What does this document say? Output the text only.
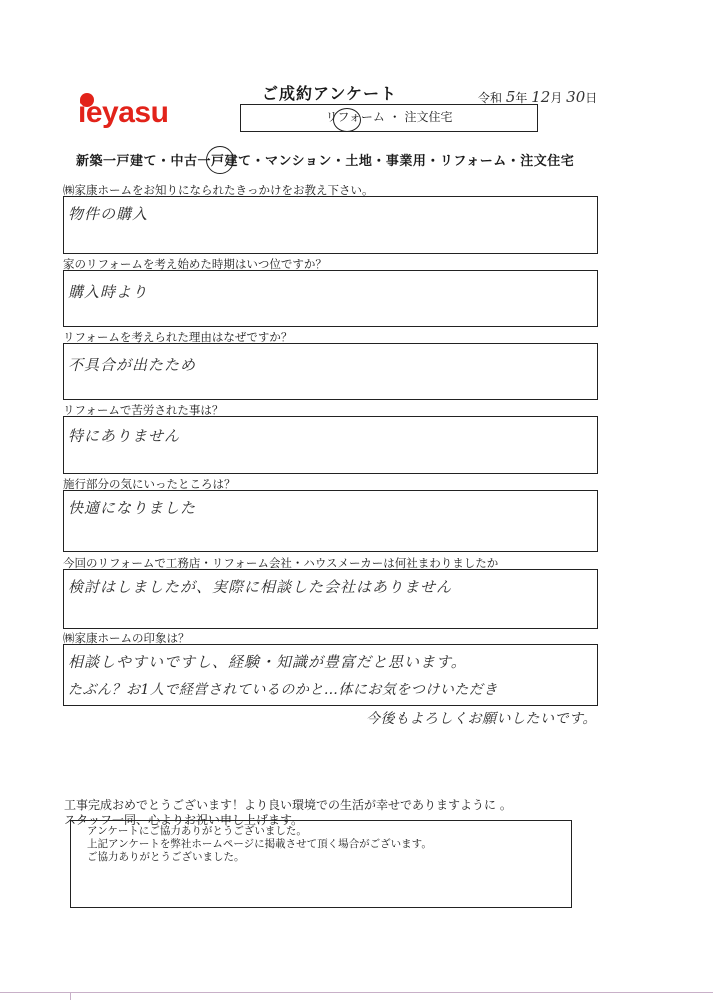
ieyasu
ご成約アンケート	令和 5年 12月 30日
リフォーム ・ 注文住宅
新築一戸建て・中古一戸建て・マンション・土地・事業用・リフォーム・注文住宅
㈱家康ホームをお知りになられたきっかけをお教え下さい。
物件の購入
家のリフォームを考え始めた時期はいつ位ですか？
購入時より
リフォームを考えられた理由はなぜですか？
不具合が出たため
リフォームで苦労された事は？
特にありません
施行部分の気にいったところは？
快適になりました
今回のリフォームで工務店・リフォーム会社・ハウスメーカーは何社まわりましたか
検討はしましたが、実際に相談した会社はありません
㈱家康ホームの印象は？
相談しやすいですし、経験・知識が豊富だと思います。
たぶん？お1人で経営されているのかと…体にお気をつけいただき
今後もよろしくお願いしたいです。
工事完成おめでとうございます！より良い環境での生活が幸せでありますように 。
スタッフ一同、心よりお祝い申し上げます。
アンケートにご協力ありがとうございました。
上記アンケートを弊社ホームページに掲載させて頂く場合がございます。
ご協力ありがとうございました。
